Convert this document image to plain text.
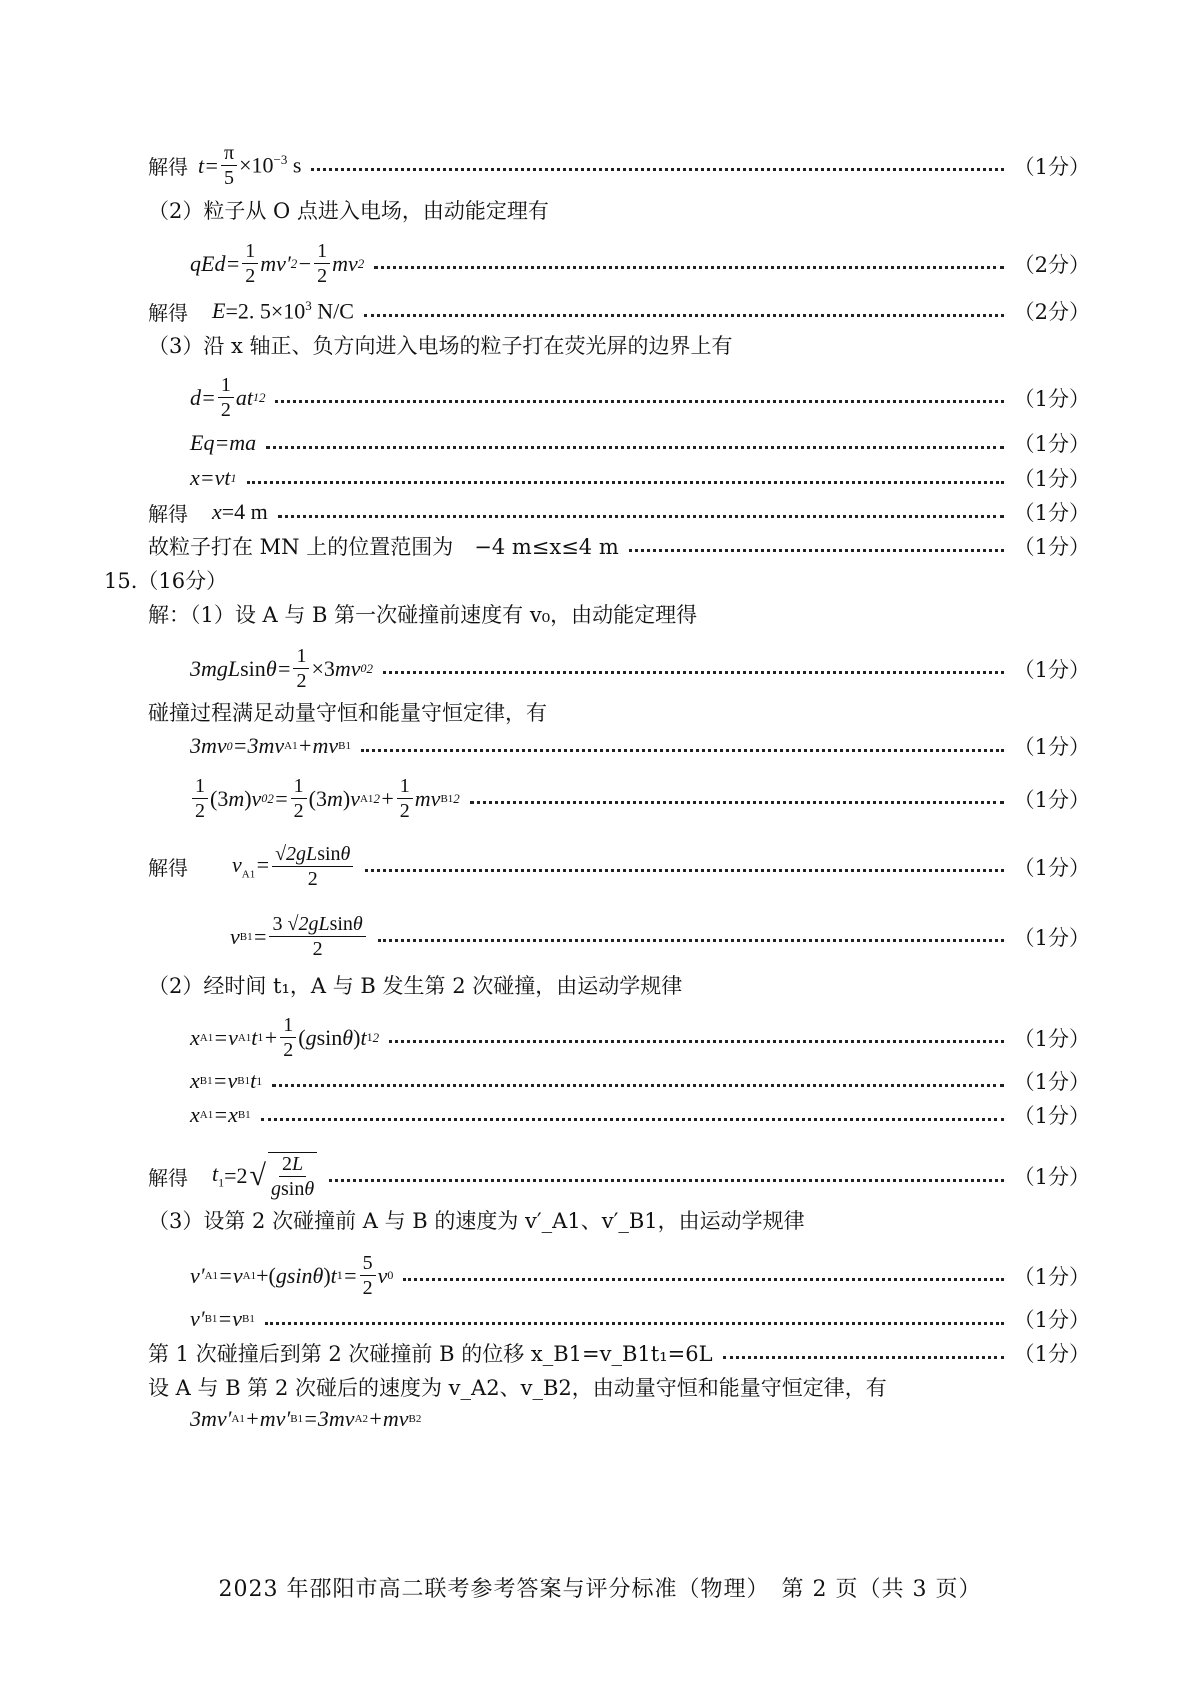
解得 $t= \frac{\pi}{5} \times 10^{-3}$ s	（1分）
（2）粒子从 O 点进入电场，由动能定理有
$qEd= \frac{1}{2} mv'$ $2 - \frac{1}{2}$ mv 2	（2分）
解得 E =2. $5\times 10^3$ N/C	（2分）
（3）沿 x 轴正、负方向进入电场的粒子打在荧光屏的边界上有
$d= \frac{1}{2}$ at 1 2	（1分）
Eq=ma	（1分）
x=vt 1	（1分）
解得 x =4 m	（1分）
故粒子打在 MN 上的位置范围为　−4 m≤x≤4 m	（1分）
15.（16分）
解：（1）设 A 与 B 第一次碰撞前速度有 v₀，由动能定理得
3mgL $\sin \theta= \frac{1}{2} \times 3$ mv 0 2	（1分）
碰撞过程满足动量守恒和能量守恒定律，有
3mv 0 =3mv A1 +mv B1	（1分）
$\frac{1}{2} (3$ m ) v 0 $2 = \frac{1}{2} (3$ m ) v A1 $2 + \frac{1}{2}$ mv B1 2	（1分）
解得 $v_{A1}= \frac{√2gLsin\theta}{2}$	（1分）
v $B1 = \frac{3 √2gLsin\theta}{2}$	（1分）
（2）经时间 t₁，A 与 B 发生第 2 次碰撞，由运动学规律
x A1 =v A1 t $1 + \frac{1}{2}$ ( g sin θ ) t 1 2	（1分）
x B1 =v B1 t 1	（1分）
x A1 =x B1	（1分）
解得 $t_1 =2$ √ $\frac{2L}{gsin\theta}$	（1分）
（3）设第 2 次碰撞前 A 与 B 的速度为 v′_A1、v′_B1，由运动学规律
v′ A1 =v A1 +( gsinθ ) t $1 = \frac{5}{2}$ v 0	（1分）
v′ B1 =v B1	（1分）
第 1 次碰撞后到第 2 次碰撞前 B 的位移 x_B1=v_B1t₁=6L	（1分）
设 A 与 B 第 2 次碰后的速度为 v_A2、v_B2，由动量守恒和能量守恒定律，有
3mv′ A1 +mv′ B1 =3mv A2 +mv B2
2023 年邵阳市高二联考参考答案与评分标准（物理）　第 2 页（共 3 页）
